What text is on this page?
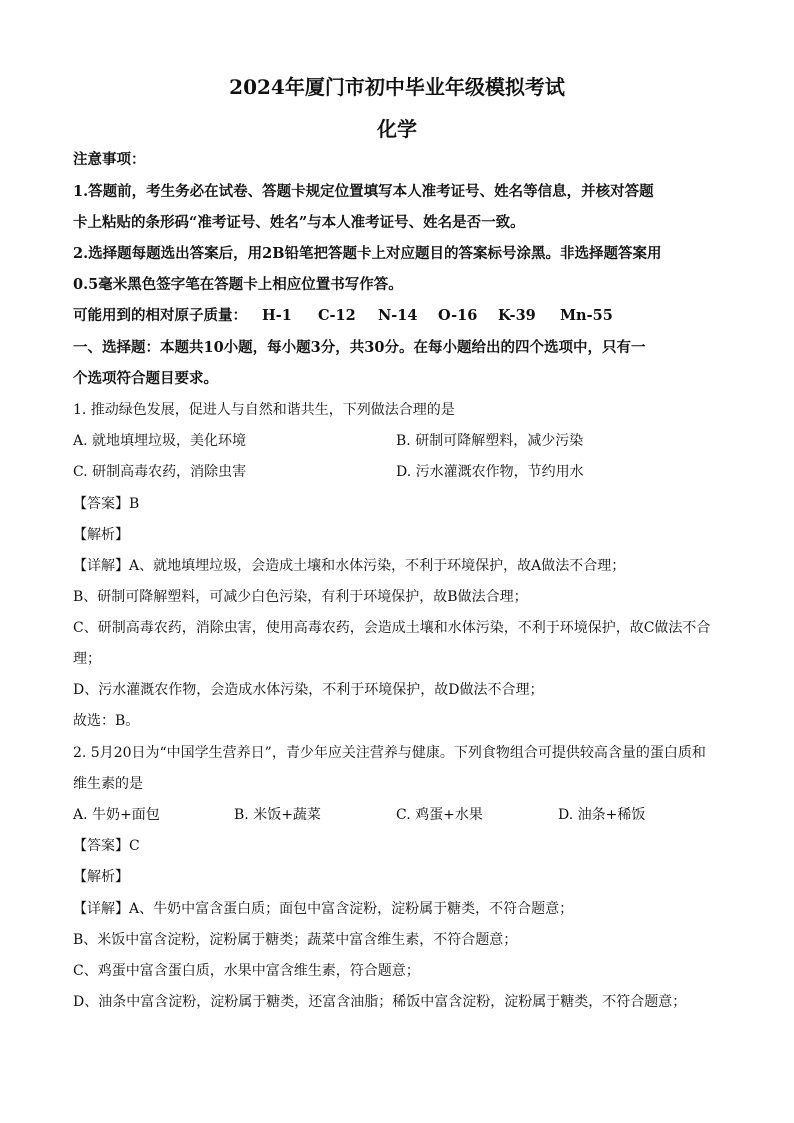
2024年厦门市初中毕业年级模拟考试
化学
注意事项：
1.答题前，考生务必在试卷、答题卡规定位置填写本人准考证号、姓名等信息，并核对答题
卡上粘贴的条形码“准考证号、姓名”与本人准考证号、姓名是否一致。
2.选择题每题选出答案后，用2B铅笔把答题卡上对应题目的答案标号涂黑。非选择题答案用
0.5毫米黑色签字笔在答题卡上相应位置书写作答。
可能用到的相对原子质量： H-1 C-12 N-14 O-16 K-39 Mn-55
一、选择题：本题共10小题，每小题3分，共30分。在每小题给出的四个选项中，只有一
个选项符合题目要求。
1. 推动绿色发展，促进人与自然和谐共生，下列做法合理的是
A. 就地填埋垃圾，美化环境	B. 研制可降解塑料，减少污染
C. 研制高毒农药，消除虫害	D. 污水灌溉农作物，节约用水
【答案】B
【解析】
【详解】A、就地填埋垃圾，会造成土壤和水体污染，不利于环境保护，故A做法不合理；
B、研制可降解塑料，可减少白色污染，有利于环境保护，故B做法合理；
C、研制高毒农药，消除虫害，使用高毒农药，会造成土壤和水体污染，不利于环境保护，故C做法不合
理；
D、污水灌溉农作物，会造成水体污染，不利于环境保护，故D做法不合理；
故选：B。
2. 5月20日为“中国学生营养日”，青少年应关注营养与健康。下列食物组合可提供较高含量的蛋白质和
维生素的是
A. 牛奶+面包	B. 米饭+蔬菜	C. 鸡蛋+水果	D. 油条+稀饭
【答案】C
【解析】
【详解】A、牛奶中富含蛋白质；面包中富含淀粉，淀粉属于糖类，不符合题意；
B、米饭中富含淀粉，淀粉属于糖类；蔬菜中富含维生素，不符合题意；
C、鸡蛋中富含蛋白质，水果中富含维生素，符合题意；
D、油条中富含淀粉，淀粉属于糖类，还富含油脂；稀饭中富含淀粉，淀粉属于糖类，不符合题意；
